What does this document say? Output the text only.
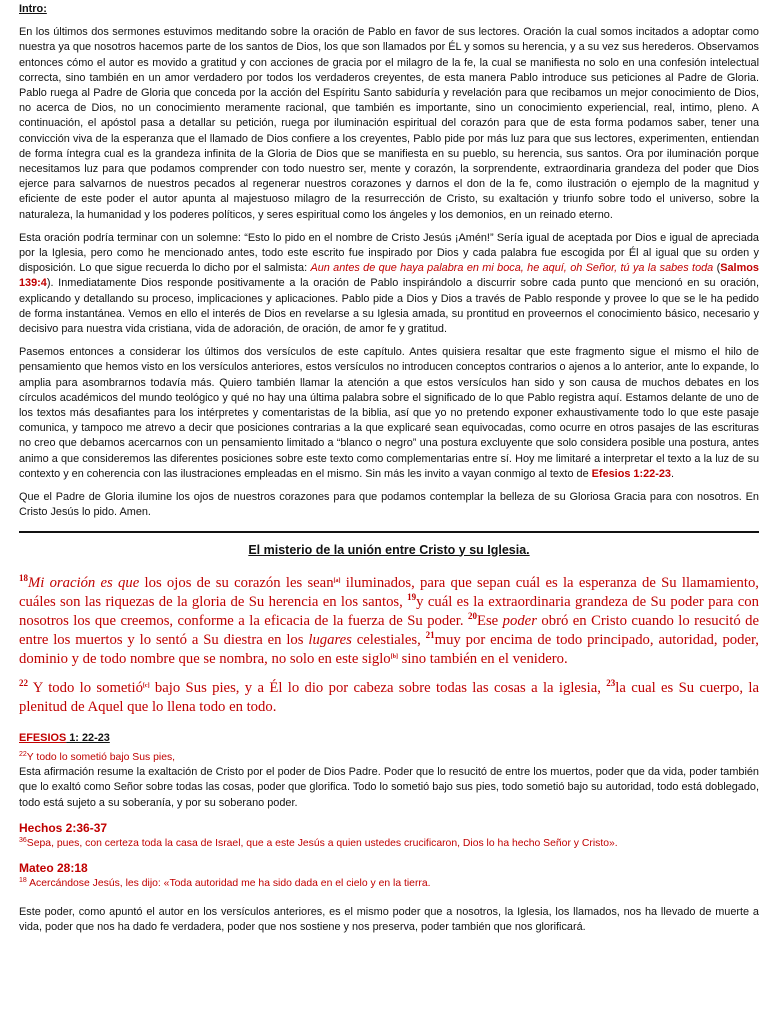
Intro:

En los últimos dos sermones estuvimos meditando sobre la oración de Pablo en favor de sus lectores. Oración la cual somos incitados a adoptar como nuestra ya que nosotros hacemos parte de los santos de Dios, los que son llamados por ÉL y somos su herencia, y a su vez sus herederos. Observamos entonces cómo el autor es movido a gratitud y con acciones de gracia por el milagro de la fe, la cual se manifiesta no solo en una confesión intelectual correcta, sino también en un amor verdadero por todos los verdaderos creyentes, de esta manera Pablo introduce sus peticiones al Padre de Gloria. Pablo ruega al Padre de Gloria que conceda por la acción del Espíritu Santo sabiduría y revelación para que recibamos un mejor conocimiento de Dios, no acerca de Dios, no un conocimiento meramente racional, que también es importante, sino un conocimiento experiencial, real, intimo, pleno. A continuación, el apóstol pasa a detallar su petición, ruega por iluminación espiritual del corazón para que de esta forma podamos saber, tener una convicción viva de la esperanza que el llamado de Dios confiere a los creyentes, Pablo pide por más luz para que sus lectores, experimenten, entiendan de forma íntegra cual es la grandeza infinita de la Gloria de Dios que se manifiesta en su pueblo, su herencia, sus santos. Ora por iluminación porque necesitamos luz para que podamos comprender con todo nuestro ser, mente y corazón, la sorprendente, extraordinaria grandeza del poder que Dios ejerce para salvarnos de nuestros pecados al regenerar nuestros corazones y darnos el don de la fe, como ilustración o ejemplo de la magnitud y eficiente de este poder el autor apunta al majestuoso milagro de la resurrección de Cristo, su exaltación y triunfo sobre todo el universo, sobre la naturaleza, la humanidad y los poderes políticos, y seres espiritual como los ángeles y los demonios, en un reinado eterno.

Esta oración podría terminar con un solemne: “Esto lo pido en el nombre de Cristo Jesús ¡Amén!” Sería igual de aceptada por Dios e igual de apreciada por la Iglesia, pero como he mencionado antes, todo este escrito fue inspirado por Dios y cada palabra fue escogida por Él al igual que su orden y disposición. Lo que sigue recuerda lo dicho por el salmista: Aun antes de que haya palabra en mi boca, he aquí, oh Señor, tú ya la sabes toda (Salmos 139:4). Inmediatamente Dios responde positivamente a la oración de Pablo inspirándolo a discurrir sobre cada punto que mencionó en su oración, explicando y detallando su proceso, implicaciones y aplicaciones. Pablo pide a Dios y Dios a través de Pablo responde y provee lo que se le ha pedido de forma instantánea. Vemos en ello el interés de Dios en revelarse a su Iglesia amada, su prontitud en proveernos el conocimiento básico, necesario y decisivo para nuestra vida cristiana, vida de adoración, de oración, de amor fe y gratitud.

Pasemos entonces a considerar los últimos dos versículos de este capítulo. Antes quisiera resaltar que este fragmento sigue el mismo el hilo de pensamiento que hemos visto en los versículos anteriores, estos versículos no introducen conceptos contrarios o ajenos a lo anterior, ante lo expande, lo amplia para asombrarnos todavía más. Quiero también llamar la atención a que estos versículos han sido y son causa de muchos debates en los círculos académicos del mundo teológico y qué no hay una última palabra sobre el significado de lo que Pablo registra aquí. Estamos delante de uno de los textos más desafiantes para los intérpretes y comentaristas de la biblia, así que yo no pretendo exponer exhaustivamente todo lo que este pasaje comunica, y tampoco me atrevo a decir que posiciones contrarias a la que explicaré sean equivocadas, como ocurre en otros pasajes de las escrituras no creo que debamos acercarnos con un pensamiento limitado a “blanco o negro” una postura excluyente que solo considera posible una postura, antes animo a que consideremos las diferentes posiciones sobre este texto como complementarias entre sí. Hoy me limitaré a interpretar el texto a la luz de su contexto y en coherencia con las ilustraciones empleadas en el mismo. Sin más les invito a vayan conmigo al texto de Efesios 1:22-23.

Que el Padre de Gloria ilumine los ojos de nuestros corazones para que podamos contemplar la belleza de su Gloriosa Gracia para con nosotros. En Cristo Jesús lo pido. Amen.

El misterio de la unión entre Cristo y su Iglesia.

$^{18}$Mi oración es que los ojos de su corazón les sean[a] iluminados, para que sepan cuál es la esperanza de Su llamamiento, cuáles son las riquezas de la gloria de Su herencia en los santos, $^{19}$y cuál es la extraordinaria grandeza de Su poder para con nosotros los que creemos, conforme a la eficacia de la fuerza de Su poder. $^{20}$Ese poder obró en Cristo cuando lo resucitó de entre los muertos y lo sentó a Su diestra en los lugares celestiales, $^{21}$muy por encima de todo principado, autoridad, poder, dominio y de todo nombre que se nombra, no solo en este siglo[b] sino también en el venidero.

$^{22}$ Y todo lo sometió[c] bajo Sus pies, y a Él lo dio por cabeza sobre todas las cosas a la iglesia, $^{23}$la cual es Su cuerpo, la plenitud de Aquel que lo llena todo en todo.

EFESIOS 1: 22-23

$^{22}$Y todo lo sometió bajo Sus pies,

Esta afirmación resume la exaltación de Cristo por el poder de Dios Padre. Poder que lo resucitó de entre los muertos, poder que da vida, poder también que lo exaltó como Señor sobre todas las cosas, poder que glorifica. Todo lo sometió bajo sus pies, todo sometió bajo su autoridad, todo está doblegado, todo está sujeto a su soberanía, y por su soberano poder.

Hechos 2:36-37

$^{36}$Sepa, pues, con certeza toda la casa de Israel, que a este Jesús a quien ustedes crucificaron, Dios lo ha hecho Señor y Cristo».

Mateo 28:18

$^{18}$ Acercándose Jesús, les dijo: «Toda autoridad me ha sido dada en el cielo y en la tierra.

Este poder, como apuntó el autor en los versículos anteriores, es el mismo poder que a nosotros, la Iglesia, los llamados, nos ha llevado de muerte a vida, poder que nos ha dado fe verdadera, poder que nos sostiene y nos preserva, poder también que nos glorificará.
